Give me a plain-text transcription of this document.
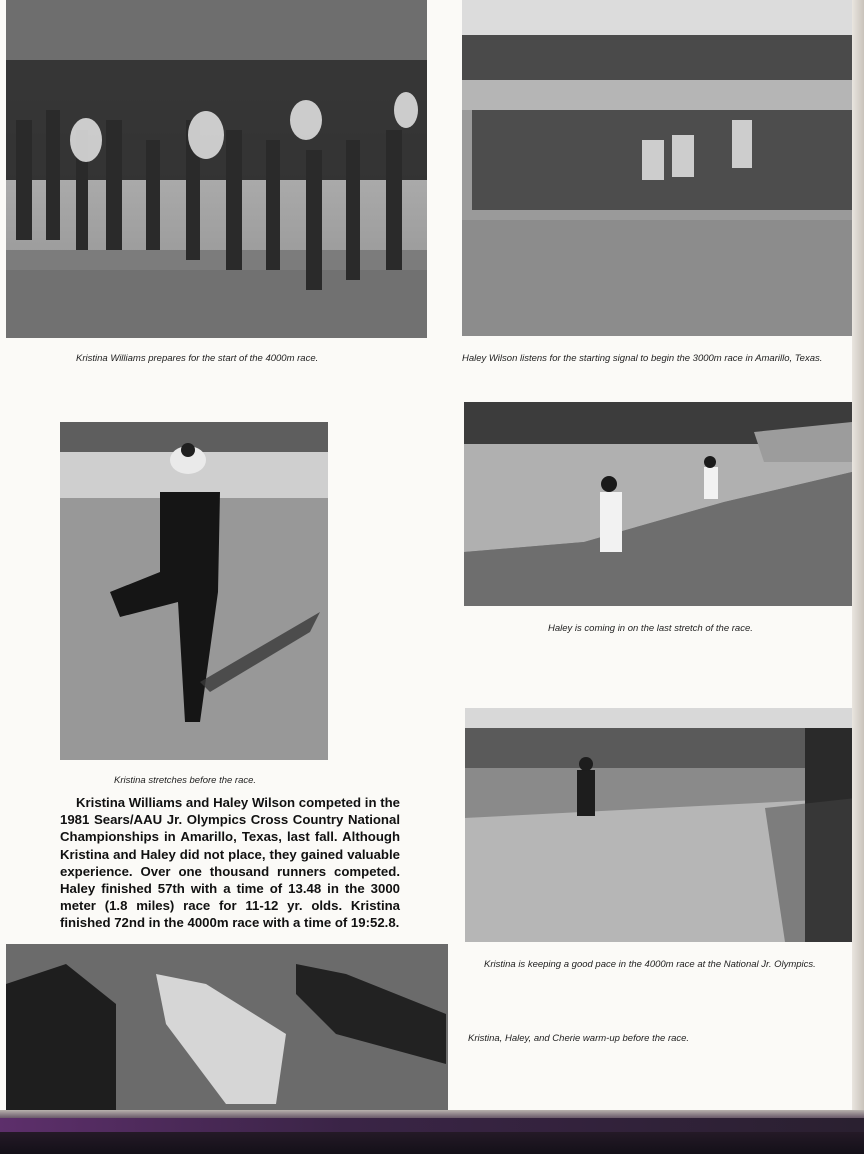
Kristina Williams prepares for the start of the 4000m race.	Haley Wilson listens for the starting signal to begin the 3000m race in Amarillo, Texas.

Kristina stretches before the race.

Haley is coming in on the last stretch of the race.

Kristina is keeping a good pace in the 4000m race at the National Jr. Olympics.

Kristina Williams and Haley Wilson competed in the 1981 Sears/AAU Jr. Olympics Cross Country National Championships in Amarillo, Texas, last fall. Although Kristina and Haley did not place, they gained valuable experience. Over one thousand runners competed. Haley finished 57th with a time of 13.48 in the 3000 meter (1.8 miles) race for 11-12 yr. olds. Kristina finished 72nd in the 4000m race with a time of 19:52.8.

Kristina, Haley, and Cherie warm-up before the race.
